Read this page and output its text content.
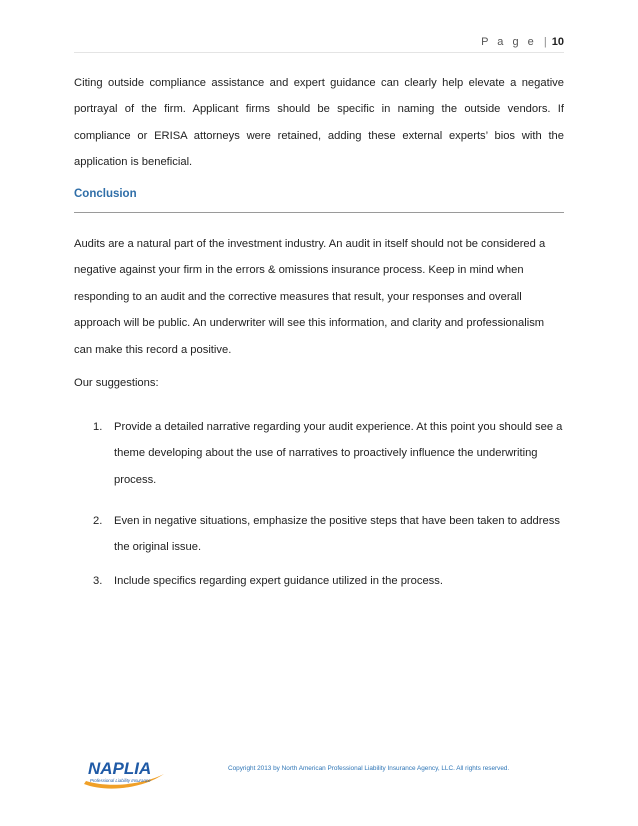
P a g e | 10

Citing outside compliance assistance and expert guidance can clearly help elevate a negative portrayal of the firm. Applicant firms should be specific in naming the outside vendors. If compliance or ERISA attorneys were retained, adding these external experts’ bios with the application is beneficial.

Conclusion

Audits are a natural part of the investment industry. An audit in itself should not be considered a negative against your firm in the errors & omissions insurance process. Keep in mind when responding to an audit and the corrective measures that result, your responses and overall approach will be public. An underwriter will see this information, and clarity and professionalism can make this record a positive.

Our suggestions:

1. Provide a detailed narrative regarding your audit experience. At this point you should see a theme developing about the use of narratives to proactively influence the underwriting process.
2. Even in negative situations, emphasize the positive steps that have been taken to address the original issue.
3. Include specifics regarding expert guidance utilized in the process.
NAPLIA
Professional Liability Insurance
Copyright 2013 by North American Professional Liability Insurance Agency, LLC. All rights reserved.
